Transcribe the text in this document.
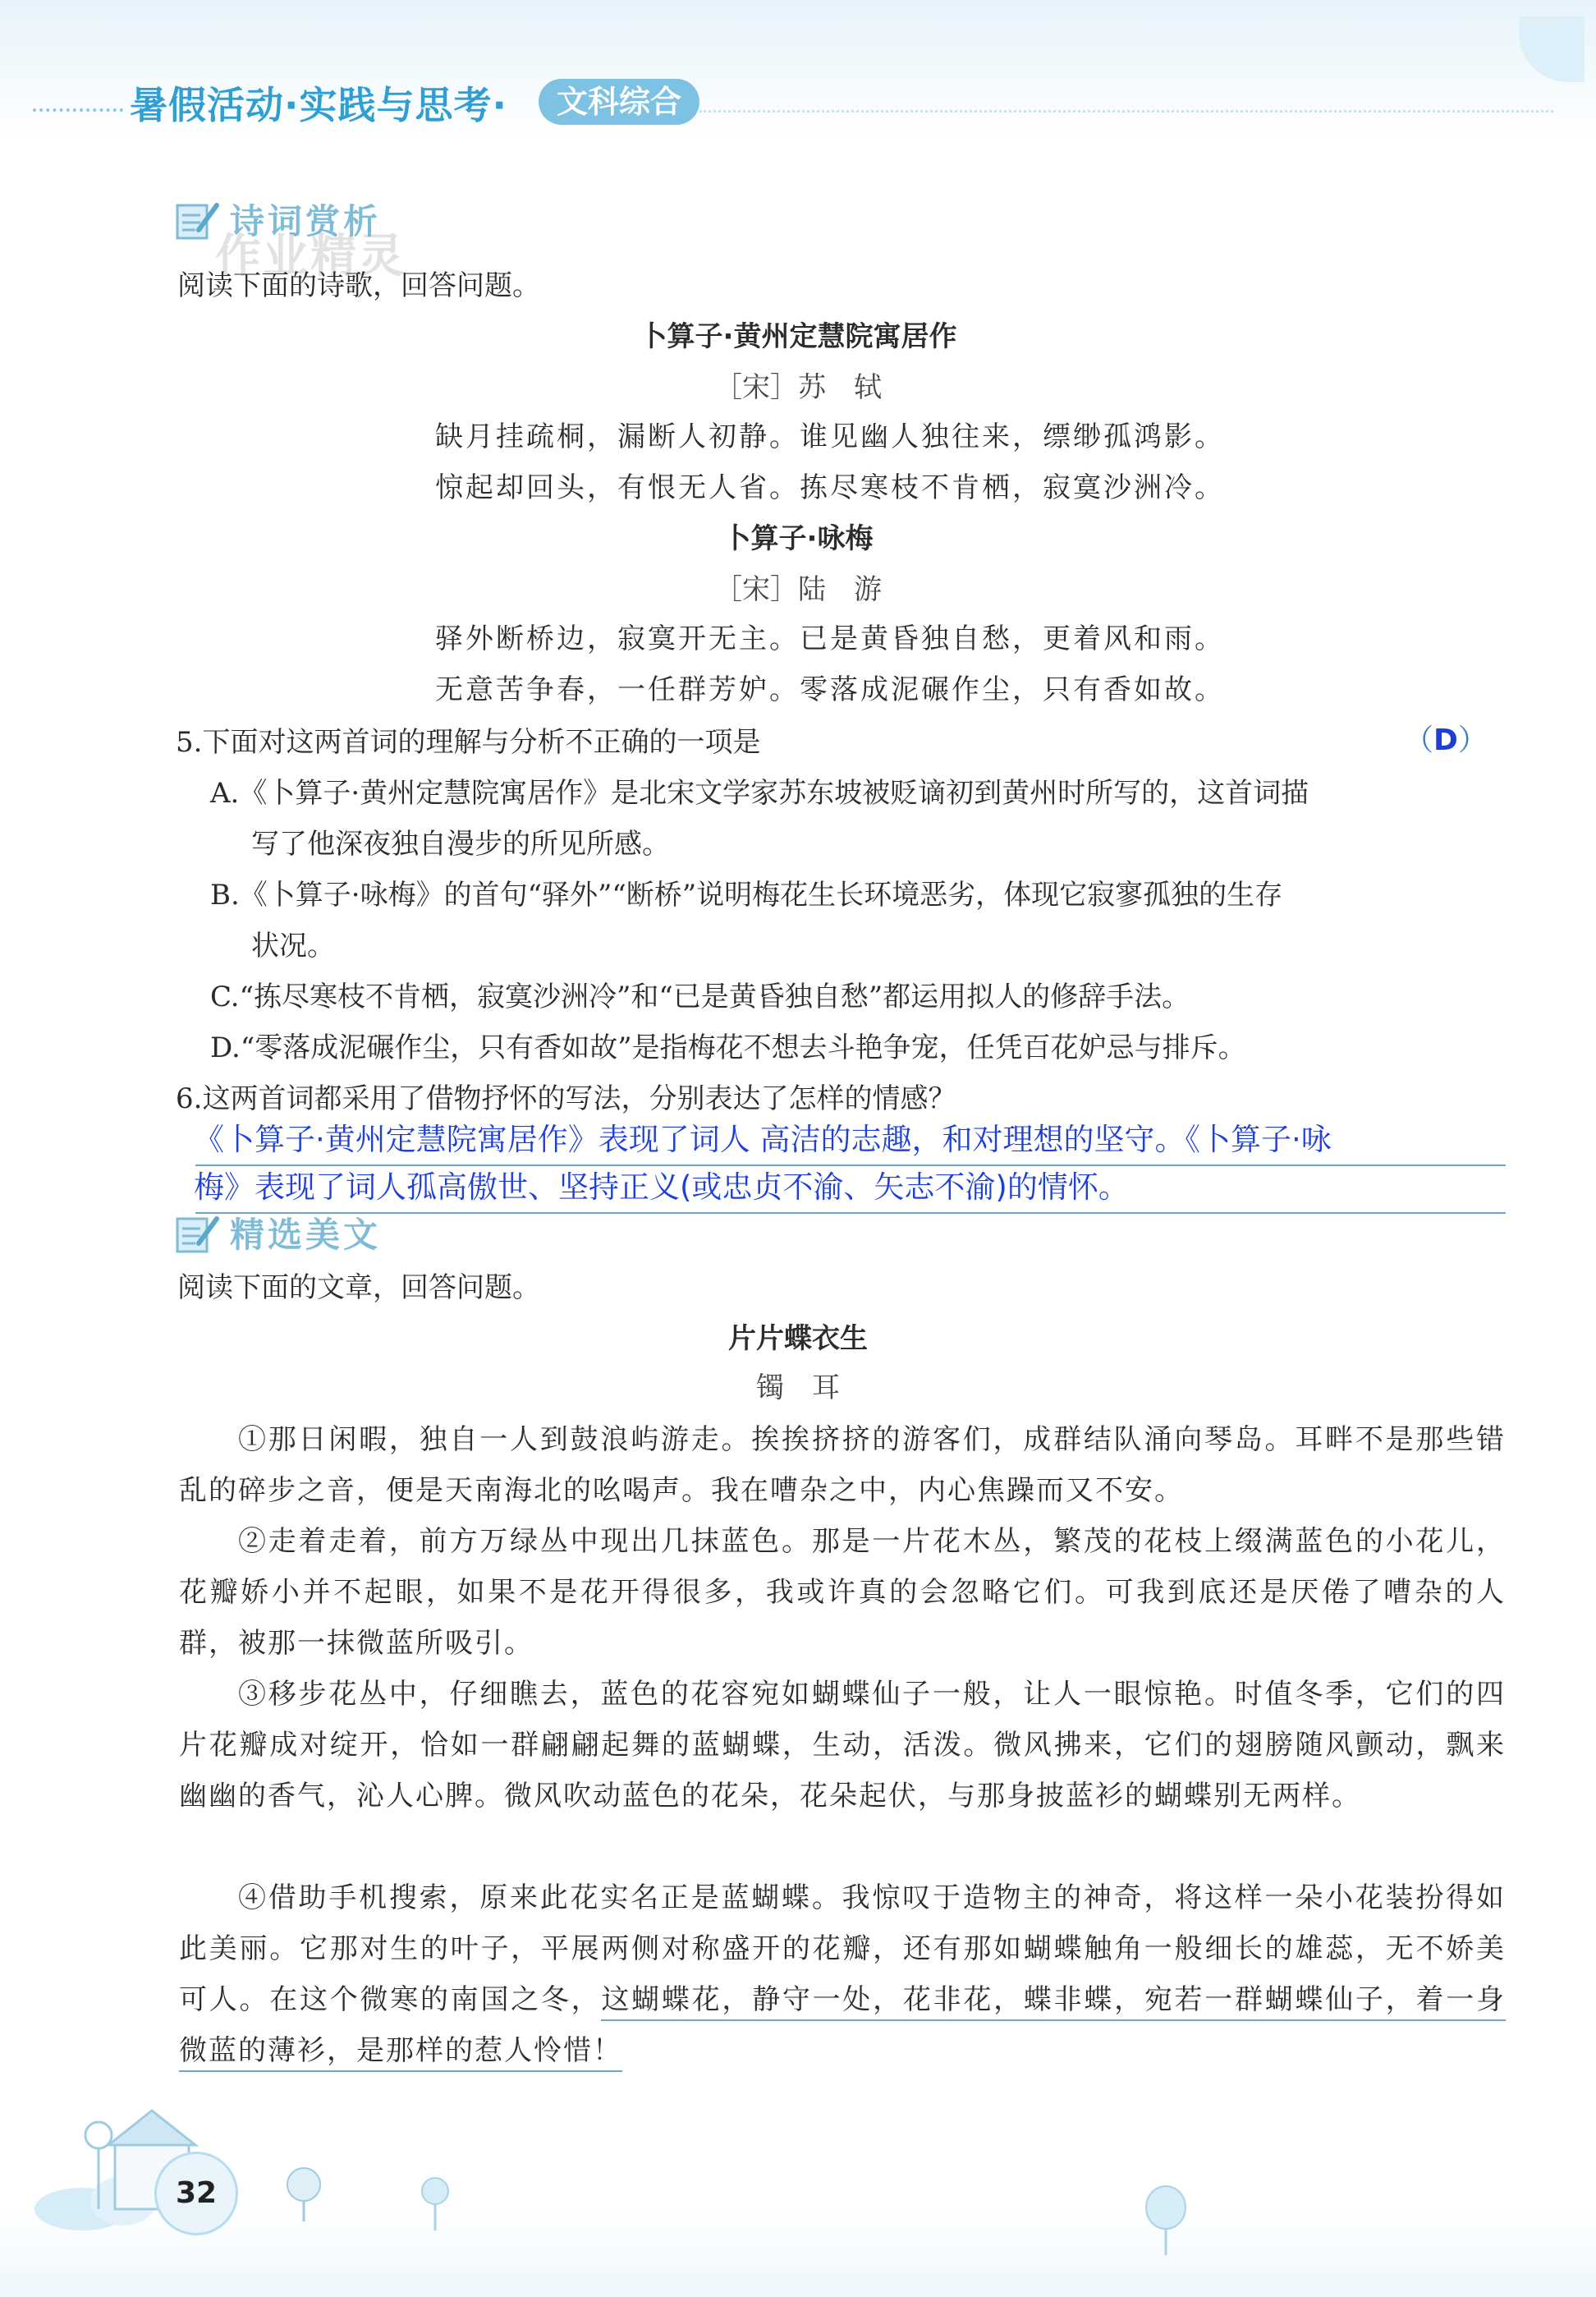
暑假活动·实践与思考·	文科综合
诗词赏析
作业精灵
阅读下面的诗歌，回答问题。
卜算子·黄州定慧院寓居作
［宋］苏　轼
缺月挂疏桐，漏断人初静。谁见幽人独往来，缥缈孤鸿影。
惊起却回头，有恨无人省。拣尽寒枝不肯栖，寂寞沙洲冷。
卜算子·咏梅
［宋］陆　游
驿外断桥边，寂寞开无主。已是黄昏独自愁，更着风和雨。
无意苦争春，一任群芳妒。零落成泥碾作尘，只有香如故。
5.下面对这两首词的理解与分析不正确的一项是	（D）
A.《卜算子·黄州定慧院寓居作》是北宋文学家苏东坡被贬谪初到黄州时所写的，这首词描
写了他深夜独自漫步的所见所感。
B.《卜算子·咏梅》的首句“驿外”“断桥”说明梅花生长环境恶劣，体现它寂寥孤独的生存
状况。
C.“拣尽寒枝不肯栖，寂寞沙洲冷”和“已是黄昏独自愁”都运用拟人的修辞手法。
D.“零落成泥碾作尘，只有香如故”是指梅花不想去斗艳争宠，任凭百花妒忌与排斥。
6.这两首词都采用了借物抒怀的写法，分别表达了怎样的情感？
《卜算子·黄州定慧院寓居作》表现了词人 高洁的志趣，和对理想的坚守。《卜算子·咏
梅》表现了词人孤高傲世、坚持正义(或忠贞不渝、矢志不渝)的情怀。
精选美文
阅读下面的文章，回答问题。
片片蝶衣生
镯　耳
①那日闲暇，独自一人到鼓浪屿游走。挨挨挤挤的游客们，成群结队涌向琴岛。耳畔不是那些错乱的碎步之音，便是天南海北的吆喝声。我在嘈杂之中，内心焦躁而又不安。
②走着走着，前方万绿丛中现出几抹蓝色。那是一片花木丛，繁茂的花枝上缀满蓝色的小花儿，花瓣娇小并不起眼，如果不是花开得很多，我或许真的会忽略它们。可我到底还是厌倦了嘈杂的人群，被那一抹微蓝所吸引。
③移步花丛中，仔细瞧去，蓝色的花容宛如蝴蝶仙子一般，让人一眼惊艳。时值冬季，它们的四片花瓣成对绽开，恰如一群翩翩起舞的蓝蝴蝶，生动，活泼。微风拂来，它们的翅膀随风颤动，飘来幽幽的香气，沁人心脾。微风吹动蓝色的花朵，花朵起伏，与那身披蓝衫的蝴蝶别无两样。
④借助手机搜索，原来此花实名正是蓝蝴蝶。我惊叹于造物主的神奇，将这样一朵小花装扮得如此美丽。它那对生的叶子，平展两侧对称盛开的花瓣，还有那如蝴蝶触角一般细长的雄蕊，无不娇美可人。在这个微寒的南国之冬，这蝴蝶花，静守一处，花非花，蝶非蝶，宛若一群蝴蝶仙子，着一身微蓝的薄衫，是那样的惹人怜惜！
32
